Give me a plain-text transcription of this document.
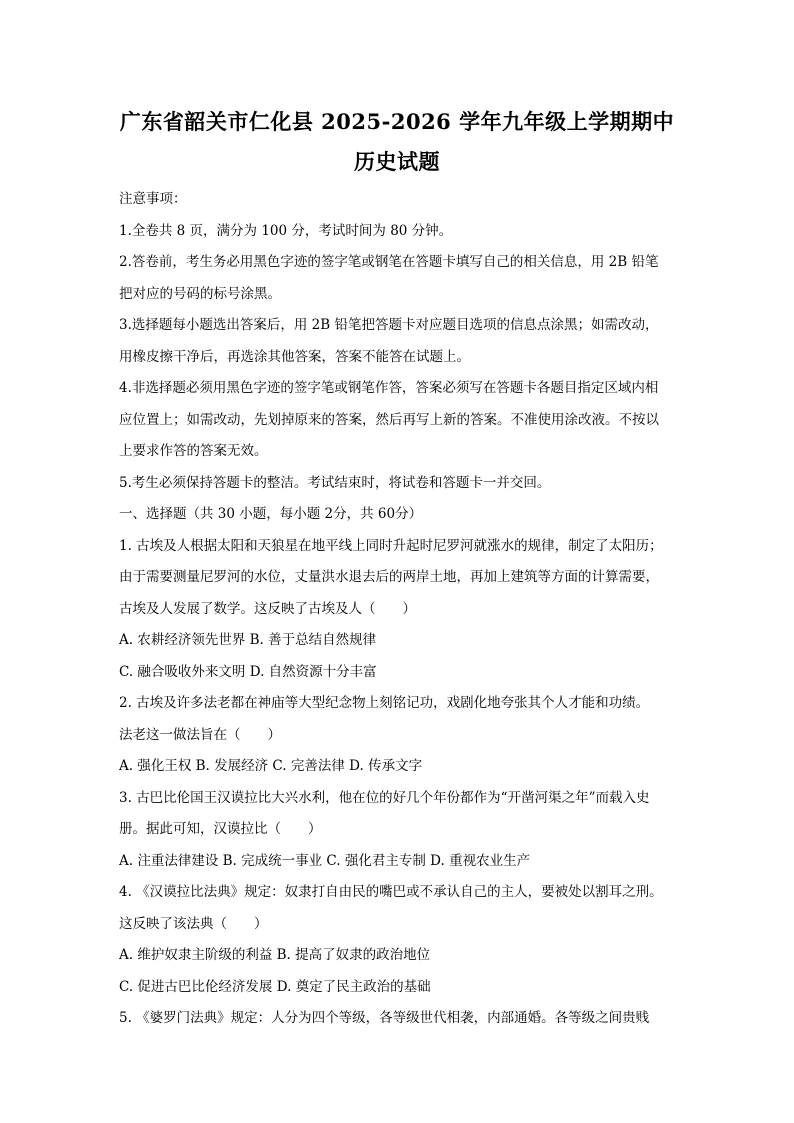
广东省韶关市仁化县 2025-2026 学年九年级上学期期中
历史试题
注意事项：
1.全卷共 8 页，满分为 100 分，考试时间为 80 分钟。
2.答卷前，考生务必用黑色字迹的签字笔或钢笔在答题卡填写自己的相关信息，用 2B 铅笔
把对应的号码的标号涂黑。
3.选择题每小题选出答案后，用 2B 铅笔把答题卡对应题目选项的信息点涂黑；如需改动，
用橡皮擦干净后，再选涂其他答案，答案不能答在试题上。
4.非选择题必须用黑色字迹的签字笔或钢笔作答，答案必须写在答题卡各题目指定区域内相
应位置上；如需改动，先划掉原来的答案，然后再写上新的答案。不准使用涂改液。不按以
上要求作答的答案无效。
5.考生必须保持答题卡的整洁。考试结束时，将试卷和答题卡一并交回。
一、选择题（共 30 小题，每小题 2分，共 60分）
1. 古埃及人根据太阳和天狼星在地平线上同时升起时尼罗河就涨水的规律，制定了太阳历；
由于需要测量尼罗河的水位，丈量洪水退去后的两岸土地，再加上建筑等方面的计算需要，
古埃及人发展了数学。这反映了古埃及人（　　）
A. 农耕经济领先世界 B. 善于总结自然规律
C. 融合吸收外来文明 D. 自然资源十分丰富
2. 古埃及许多法老都在神庙等大型纪念物上刻铭记功，戏剧化地夸张其个人才能和功绩。
法老这一做法旨在（　　）
A. 强化王权 B. 发展经济 C. 完善法律 D. 传承文字
3. 古巴比伦国王汉谟拉比大兴水利，他在位的好几个年份都作为“开凿河渠之年”而载入史
册。据此可知，汉谟拉比（　　）
A. 注重法律建设 B. 完成统一事业 C. 强化君主专制 D. 重视农业生产
4. 《汉谟拉比法典》规定：奴隶打自由民的嘴巴或不承认自己的主人，要被处以割耳之刑。
这反映了该法典（　　）
A. 维护奴隶主阶级的利益 B. 提高了奴隶的政治地位
C. 促进古巴比伦经济发展 D. 奠定了民主政治的基础
5. 《婆罗门法典》规定：人分为四个等级，各等级世代相袭，内部通婚。各等级之间贵贱
